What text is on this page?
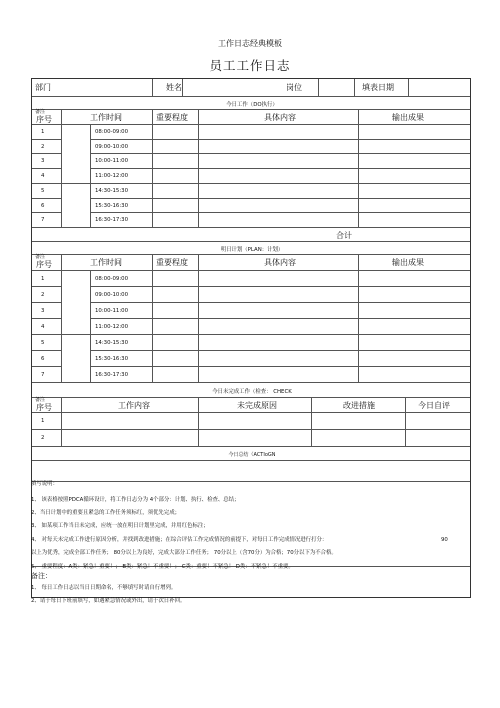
工作日志经典模板
员工工作日志
部门	姓名	岗位	填表日期
今日工作（DO执行）
备注
序号	工作时间	重要程度	具体内容	输出成果
1	08:00-09:00
2	09:00-10:00
3	10:00-11:00
4	11:00-12:00
5	14:30-15:30
6	15:30-16:30
7	16:30-17:30
合计
明日计划（PLAN：计划）
备注
序号	工作时间	重要程度	具体内容	输出成果
1	08:00-09:00
2	09:00-10:00
3	10:00-11:00
4	11:00-12:00
5	14:30-15:30
6	15:30-16:30
7	16:30-17:30
今日未完成工作（检查： CHECK
备注
序号	工作内容	未完成原因	改进措施	今日自评
1
2
今日总结（ACTIoGN
填写说明：
1、 该表格按照PDCA循环设计，将工作日志分为 4个部分：计划、执行、检查、总结；
2、当日计划中的重要且紧急的工作任务须标红，须优先完成；
3、 如某项工作当日未完成，应统一放在明日计划里完成，并用红色标注；
4、 对每天未完成工作进行原因分析，并找到改进措施；在综合评估工作完成情况的前提下，对每日工作完成情况进行打分：	90
以上为优秀，完成全部工作任务； 80分以上为良好，完成大部分工作任务； 70分以上（含70分）为合格；70分以下为不合格。
5、 重要程度：A类：紧急！重要！； B类：紧急！不重要！； C类：重要！不紧急！ D类：不紧急！不重要。
备注：
1、 每日工作日志以当日日期命名，不够填写时请自行增列。
2、请于每日下班前填写，如遇紧急情况或外出，请于次日补回。
